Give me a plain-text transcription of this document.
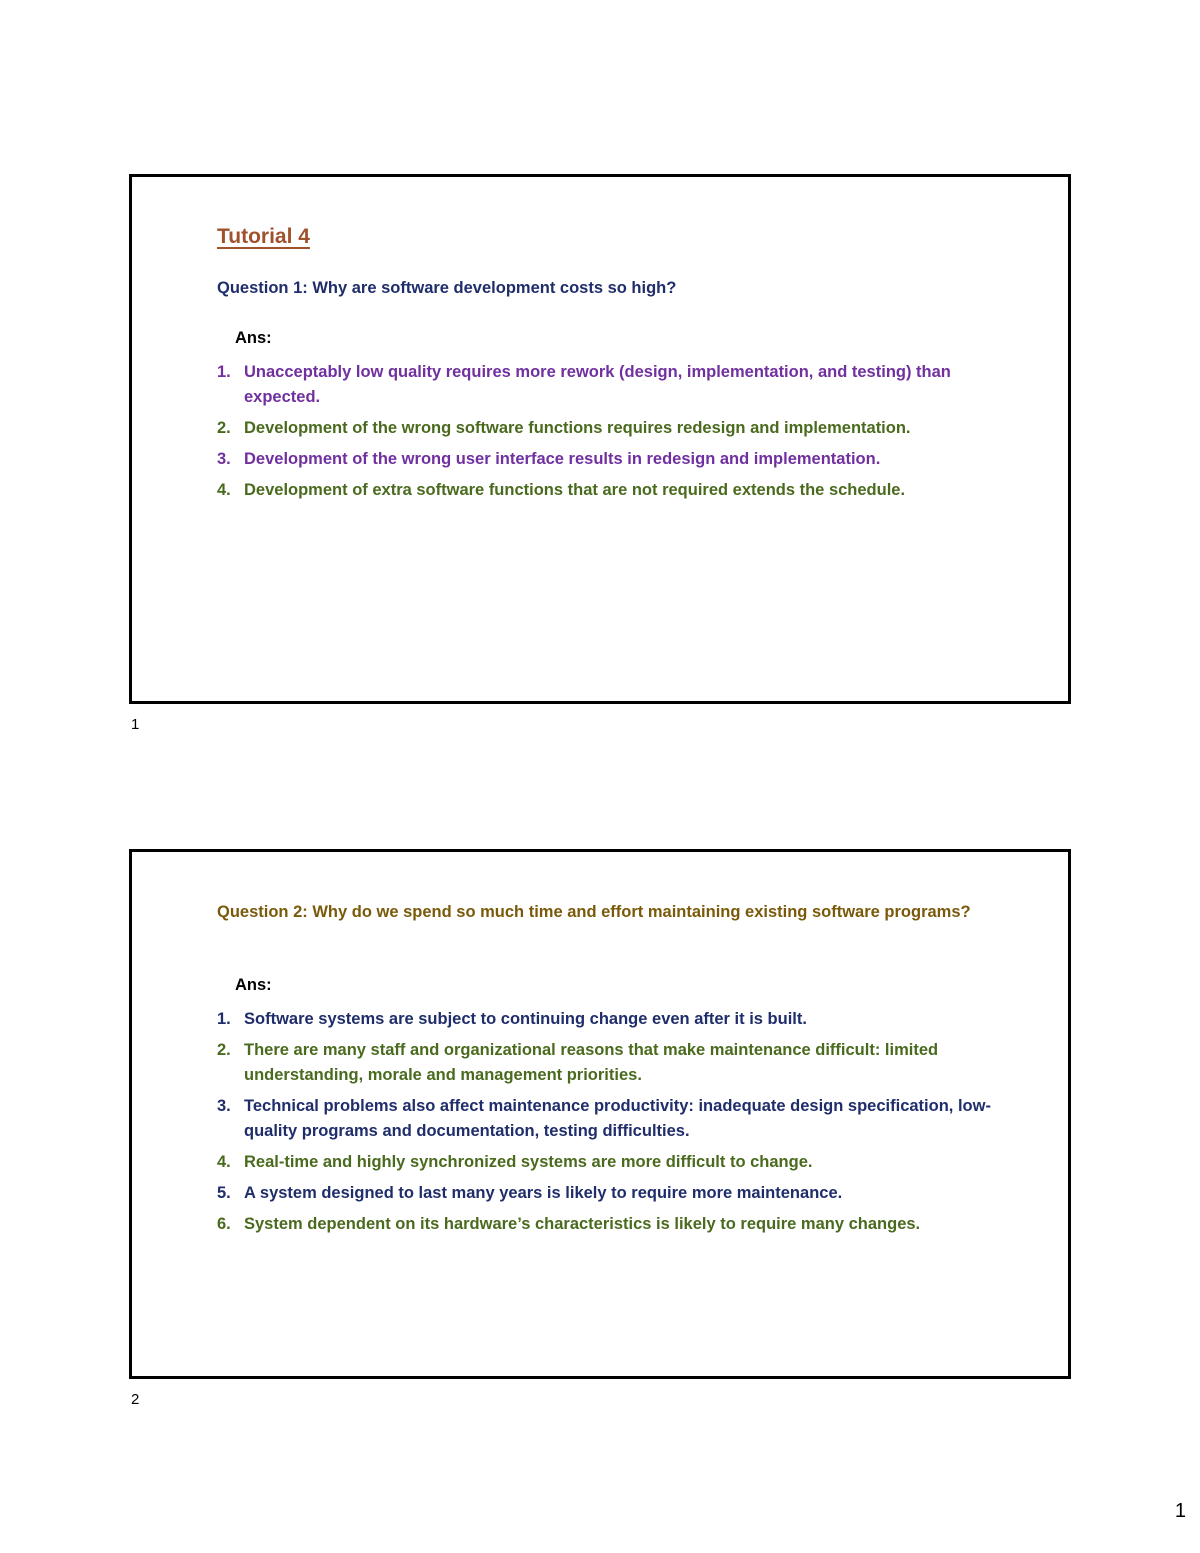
Tutorial 4

Question 1: Why are software development costs so high?

Ans:

1. Unacceptably low quality requires more rework (design, implementation, and testing) than expected.
2. Development of the wrong software functions requires redesign and implementation.
3. Development of the wrong user interface results in redesign and implementation.
4. Development of extra software functions that are not required extends the schedule.
1

Question 2: Why do we spend so much time and effort maintaining existing software programs?

Ans:

1. Software systems are subject to continuing change even after it is built.
2. There are many staff and organizational reasons that make maintenance difficult: limited understanding, morale and management priorities.
3. Technical problems also affect maintenance productivity: inadequate design specification, low-quality programs and documentation, testing difficulties.
4. Real-time and highly synchronized systems are more difficult to change.
5. A system designed to last many years is likely to require more maintenance.
6. System dependent on its hardware’s characteristics is likely to require many changes.
2
1
